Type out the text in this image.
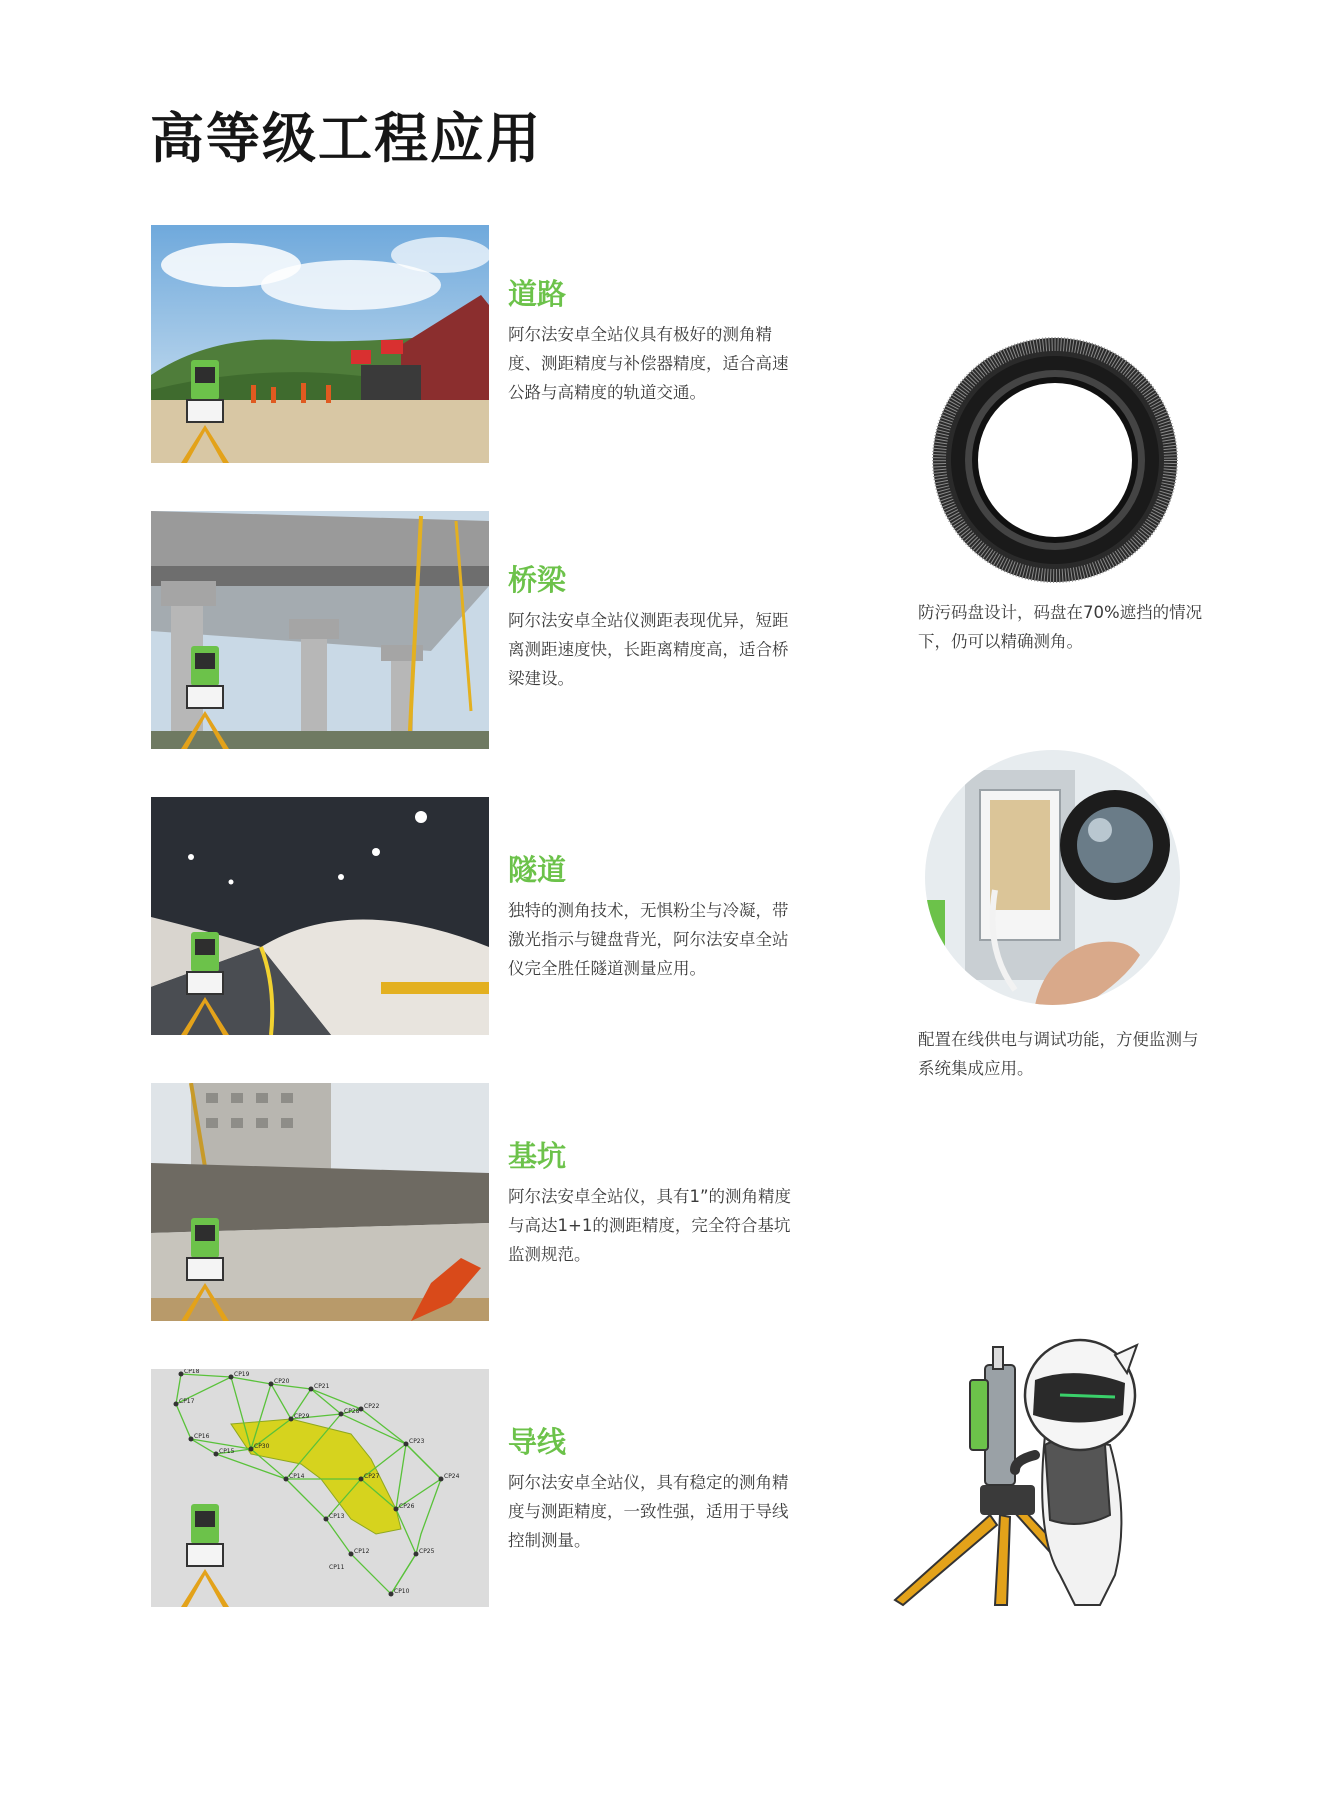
高等级工程应用
道路

阿尔法安卓全站仪具有极好的测角精度、测距精度与补偿器精度，适合高速公路与高精度的轨道交通。

桥梁

阿尔法安卓全站仪测距表现优异，短距离测距速度快，长距离精度高，适合桥梁建设。

隧道

独特的测角技术，无惧粉尘与冷凝，带激光指示与键盘背光，阿尔法安卓全站仪完全胜任隧道测量应用。

基坑

阿尔法安卓全站仪，具有1”的测角精度与高达1+1的测距精度，完全符合基坑监测规范。

CP18	CP19
CP20
CP21
CP22
CP23
CP24
CP25
CP26
CP27
CP28
CP29
CP30
CP17
CP16
CP15
CP14
CP13
CP12
CP11
CP10
导线

阿尔法安卓全站仪，具有稳定的测角精度与测距精度，一致性强，适用于导线控制测量。

防污码盘设计，码盘在70%遮挡的情况下，仍可以精确测角。

配置在线供电与调试功能，方便监测与系统集成应用。
